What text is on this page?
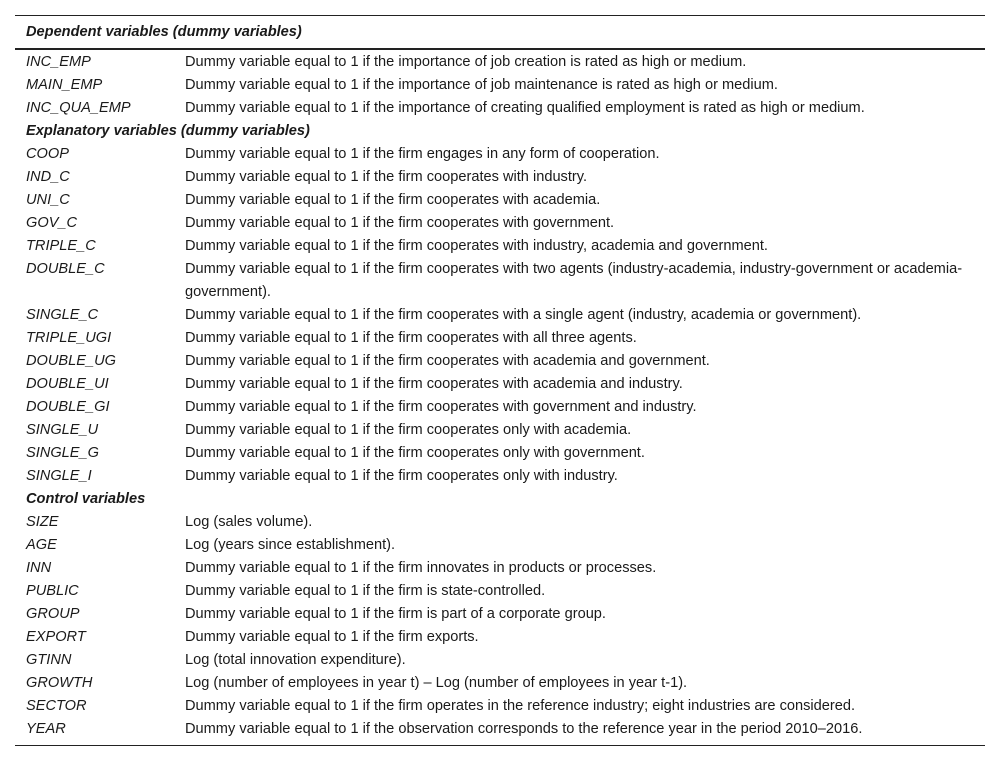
Dependent variables (dummy variables)
INC_EMP	Dummy variable equal to 1 if the importance of job creation is rated as high or medium.
MAIN_EMP	Dummy variable equal to 1 if the importance of job maintenance is rated as high or medium.
INC_QUA_EMP	Dummy variable equal to 1 if the importance of creating qualified employment is rated as high or medium.
Explanatory variables (dummy variables)
COOP	Dummy variable equal to 1 if the firm engages in any form of cooperation.
IND_C	Dummy variable equal to 1 if the firm cooperates with industry.
UNI_C	Dummy variable equal to 1 if the firm cooperates with academia.
GOV_C	Dummy variable equal to 1 if the firm cooperates with government.
TRIPLE_C	Dummy variable equal to 1 if the firm cooperates with industry, academia and government.
DOUBLE_C	Dummy variable equal to 1 if the firm cooperates with two agents (industry-academia, industry-government or academia-government).
SINGLE_C	Dummy variable equal to 1 if the firm cooperates with a single agent (industry, academia or government).
TRIPLE_UGI	Dummy variable equal to 1 if the firm cooperates with all three agents.
DOUBLE_UG	Dummy variable equal to 1 if the firm cooperates with academia and government.
DOUBLE_UI	Dummy variable equal to 1 if the firm cooperates with academia and industry.
DOUBLE_GI	Dummy variable equal to 1 if the firm cooperates with government and industry.
SINGLE_U	Dummy variable equal to 1 if the firm cooperates only with academia.
SINGLE_G	Dummy variable equal to 1 if the firm cooperates only with government.
SINGLE_I	Dummy variable equal to 1 if the firm cooperates only with industry.
Control variables
SIZE	Log (sales volume).
AGE	Log (years since establishment).
INN	Dummy variable equal to 1 if the firm innovates in products or processes.
PUBLIC	Dummy variable equal to 1 if the firm is state-controlled.
GROUP	Dummy variable equal to 1 if the firm is part of a corporate group.
EXPORT	Dummy variable equal to 1 if the firm exports.
GTINN	Log (total innovation expenditure).
GROWTH	Log (number of employees in year t) – Log (number of employees in year t-1).
SECTOR	Dummy variable equal to 1 if the firm operates in the reference industry; eight industries are considered.
YEAR	Dummy variable equal to 1 if the observation corresponds to the reference year in the period 2010–2016.
